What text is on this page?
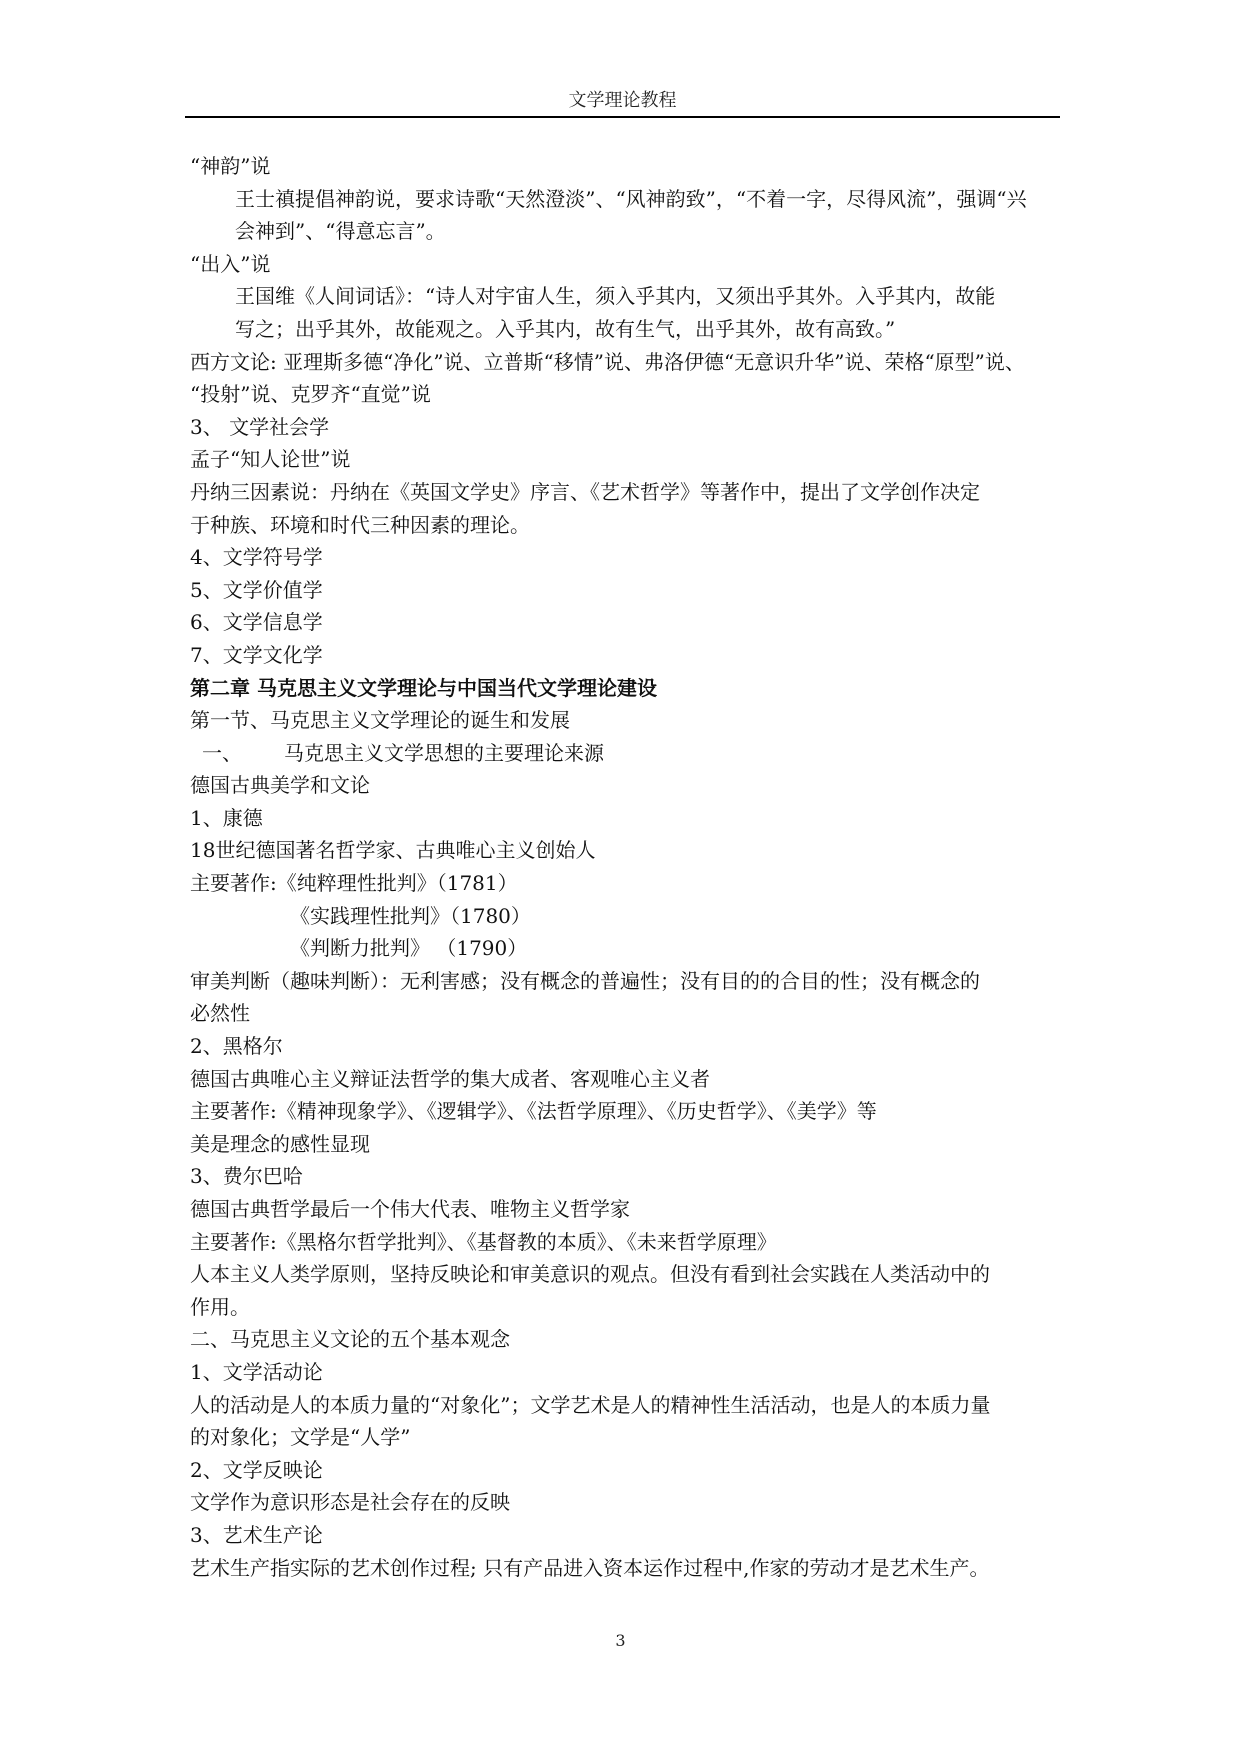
文学理论教程
“神韵”说
王士禛提倡神韵说，要求诗歌“天然澄淡”、“风神韵致”，“不着一字，尽得风流”，强调“兴
会神到”、“得意忘言”。
“出入”说
王国维《人间词话》：“诗人对宇宙人生，须入乎其内，又须出乎其外。入乎其内，故能
写之；出乎其外，故能观之。入乎其内，故有生气，出乎其外，故有高致。”
西方文论: 亚理斯多德“净化”说、立普斯“移情”说、弗洛伊德“无意识升华”说、荣格“原型”说、
“投射”说、克罗齐“直觉”说
3、 文学社会学
孟子“知人论世”说
丹纳三因素说：丹纳在《英国文学史》序言、《艺术哲学》等著作中，提出了文学创作决定
于种族、环境和时代三种因素的理论。
4、文学符号学
5、文学价值学
6、文学信息学
7、文学文化学
第二章 马克思主义文学理论与中国当代文学理论建设
第一节、马克思主义文学理论的诞生和发展
一、 马克思主义文学思想的主要理论来源
德国古典美学和文论
1、康德
18世纪德国著名哲学家、古典唯心主义创始人
主要著作:《纯粹理性批判》（1781）
《实践理性批判》（1780）
《判断力批判》 （1790）
审美判断（趣味判断）：无利害感；没有概念的普遍性；没有目的的合目的性；没有概念的
必然性
2、黑格尔
德国古典唯心主义辩证法哲学的集大成者、客观唯心主义者
主要著作:《精神现象学》、《逻辑学》、《法哲学原理》、《历史哲学》、《美学》等
美是理念的感性显现
3、费尔巴哈
德国古典哲学最后一个伟大代表、唯物主义哲学家
主要著作:《黑格尔哲学批判》、《基督教的本质》、《未来哲学原理》
人本主义人类学原则，坚持反映论和审美意识的观点。但没有看到社会实践在人类活动中的
作用。
二、马克思主义文论的五个基本观念
1、文学活动论
人的活动是人的本质力量的“对象化”；文学艺术是人的精神性生活活动，也是人的本质力量
的对象化；文学是“人学”
2、文学反映论
文学作为意识形态是社会存在的反映
3、艺术生产论
艺术生产指实际的艺术创作过程; 只有产品进入资本运作过程中,作家的劳动才是艺术生产。
3
